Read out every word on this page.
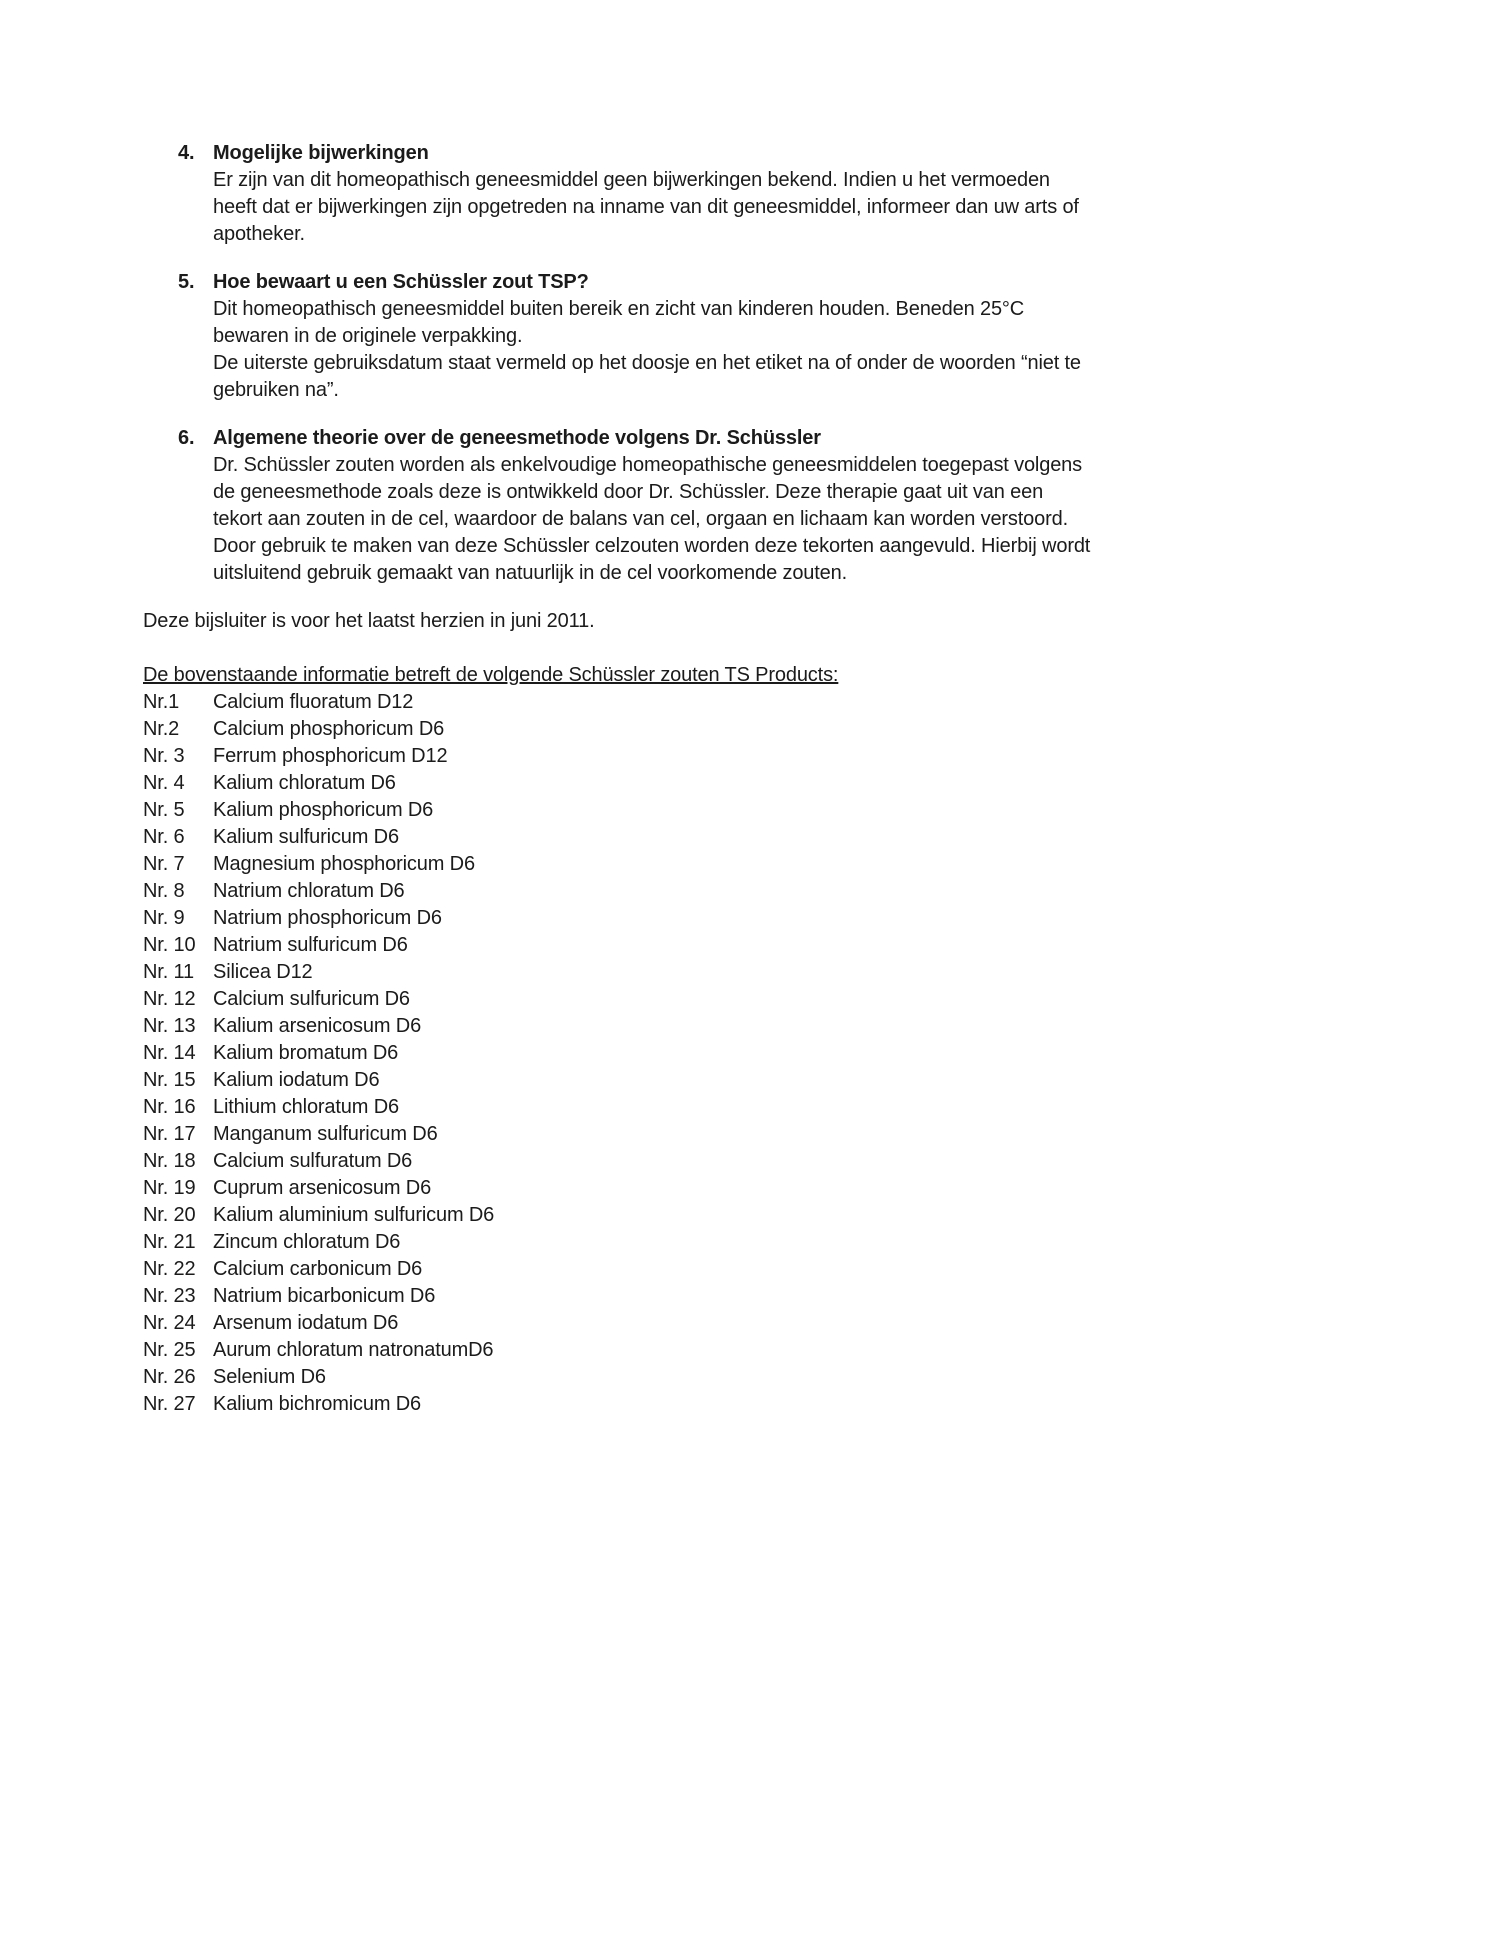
4. Mogelijke bijwerkingen

Er zijn van dit homeopathisch geneesmiddel geen bijwerkingen bekend. Indien u het vermoeden heeft dat er bijwerkingen zijn opgetreden na inname van dit geneesmiddel, informeer dan uw arts of apotheker.

5. Hoe bewaart u een Schüssler zout TSP?

Dit homeopathisch geneesmiddel buiten bereik en zicht van kinderen houden. Beneden 25°C bewaren in de originele verpakking.

De uiterste gebruiksdatum staat vermeld op het doosje en het etiket na of onder de woorden “niet te gebruiken na”.

6. Algemene theorie over de geneesmethode volgens Dr. Schüssler

Dr. Schüssler zouten worden als enkelvoudige homeopathische geneesmiddelen toegepast volgens de geneesmethode zoals deze is ontwikkeld door Dr. Schüssler. Deze therapie gaat uit van een tekort aan zouten in de cel, waardoor de balans van cel, orgaan en lichaam kan worden verstoord. Door gebruik te maken van deze Schüssler celzouten worden deze tekorten aangevuld. Hierbij wordt uitsluitend gebruik gemaakt van natuurlijk in de cel voorkomende zouten.

Deze bijsluiter is voor het laatst herzien in juni 2011.

De bovenstaande informatie betreft de volgende Schüssler zouten TS Products:

Nr.1	Calcium fluoratum D12
Nr.2	Calcium phosphoricum D6
Nr. 3	Ferrum phosphoricum D12
Nr. 4	Kalium chloratum D6
Nr. 5	Kalium phosphoricum D6
Nr. 6	Kalium sulfuricum D6
Nr. 7	Magnesium phosphoricum D6
Nr. 8	Natrium chloratum D6
Nr. 9	Natrium phosphoricum D6
Nr. 10 Natrium sulfuricum D6
Nr. 11 Silicea D12
Nr. 12 Calcium sulfuricum D6
Nr. 13 Kalium arsenicosum D6
Nr. 14 Kalium bromatum D6
Nr. 15 Kalium iodatum D6
Nr. 16 Lithium chloratum D6
Nr. 17 Manganum sulfuricum D6
Nr. 18 Calcium sulfuratum D6
Nr. 19 Cuprum arsenicosum D6
Nr. 20 Kalium aluminium sulfuricum D6
Nr. 21 Zincum chloratum D6
Nr. 22 Calcium carbonicum D6
Nr. 23 Natrium bicarbonicum D6
Nr. 24 Arsenum iodatum D6
Nr. 25 Aurum chloratum natronatumD6
Nr. 26 Selenium D6
Nr. 27 Kalium bichromicum D6
